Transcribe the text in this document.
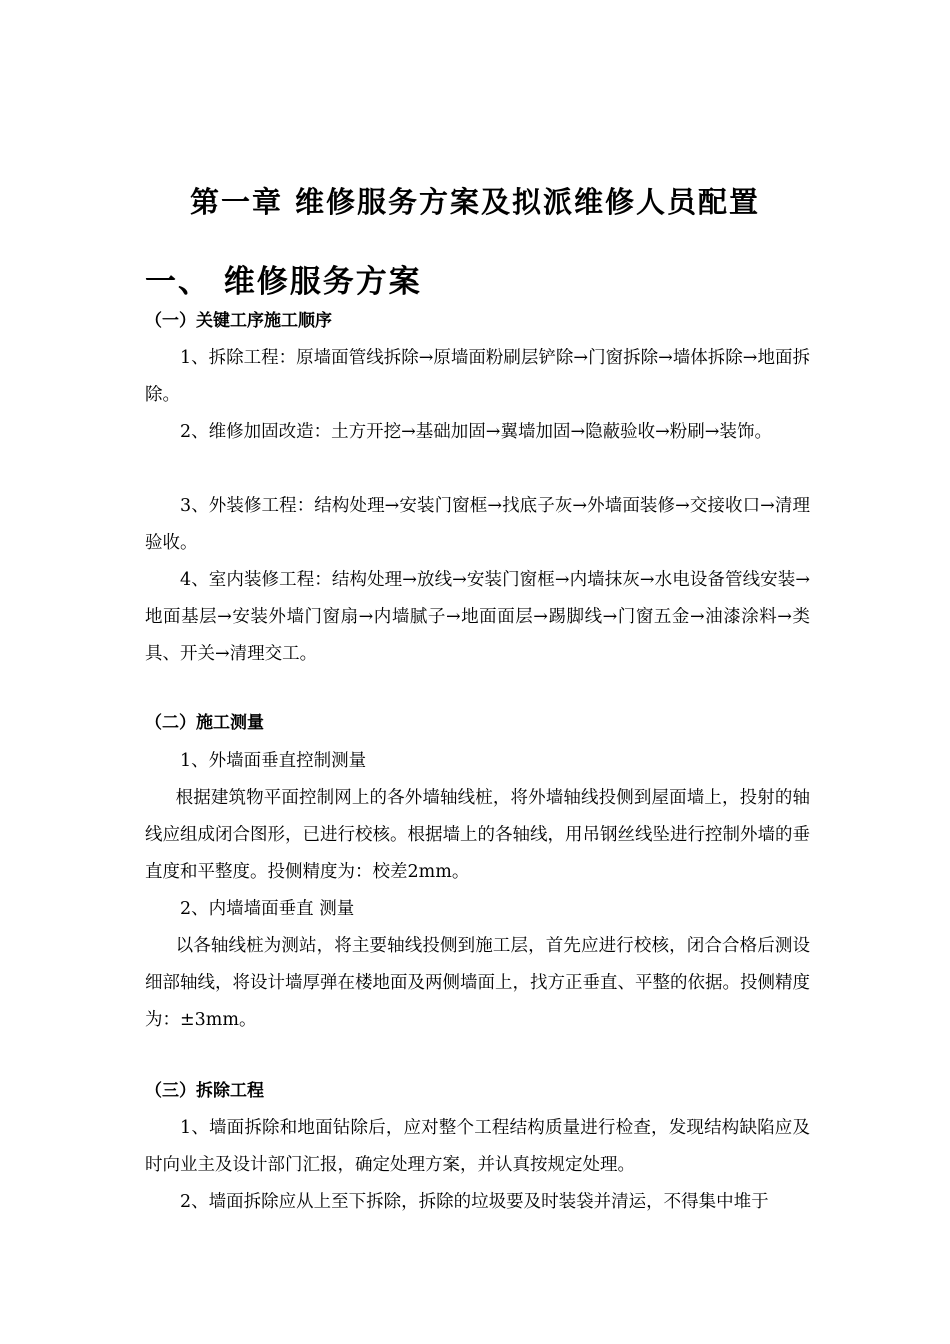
第一章 维修服务方案及拟派维修人员配置
一、 维修服务方案
（一）关键工序施工顺序

1、拆除工程：原墙面管线拆除→原墙面粉刷层铲除→门窗拆除→墙体拆除→地面拆除。

2、维修加固改造：土方开挖→基础加固→翼墙加固→隐蔽验收→粉刷→装饰。

3、外装修工程：结构处理→安装门窗框→找底子灰→外墙面装修→交接收口→清理验收。

4、室内装修工程：结构处理→放线→安装门窗框→内墙抹灰→水电设备管线安装→地面基层→安装外墙门窗扇→内墙腻子→地面面层→踢脚线→门窗五金→油漆涂料→类具、开关→清理交工。

（二）施工测量

1、外墙面垂直控制测量

根据建筑物平面控制网上的各外墙轴线桩，将外墙轴线投侧到屋面墙上，投射的轴线应组成闭合图形，已进行校核。根据墙上的各轴线，用吊钢丝线坠进行控制外墙的垂直度和平整度。投侧精度为：校差2mm。

2、内墙墙面垂直 测量

以各轴线桩为测站，将主要轴线投侧到施工层，首先应进行校核，闭合合格后测设细部轴线，将设计墙厚弹在楼地面及两侧墙面上，找方正垂直、平整的依据。投侧精度为：±3mm。

（三）拆除工程

1、墙面拆除和地面钻除后，应对整个工程结构质量进行检查，发现结构缺陷应及时向业主及设计部门汇报，确定处理方案，并认真按规定处理。

2、墙面拆除应从上至下拆除，拆除的垃圾要及时装袋并清运，不得集中堆于
